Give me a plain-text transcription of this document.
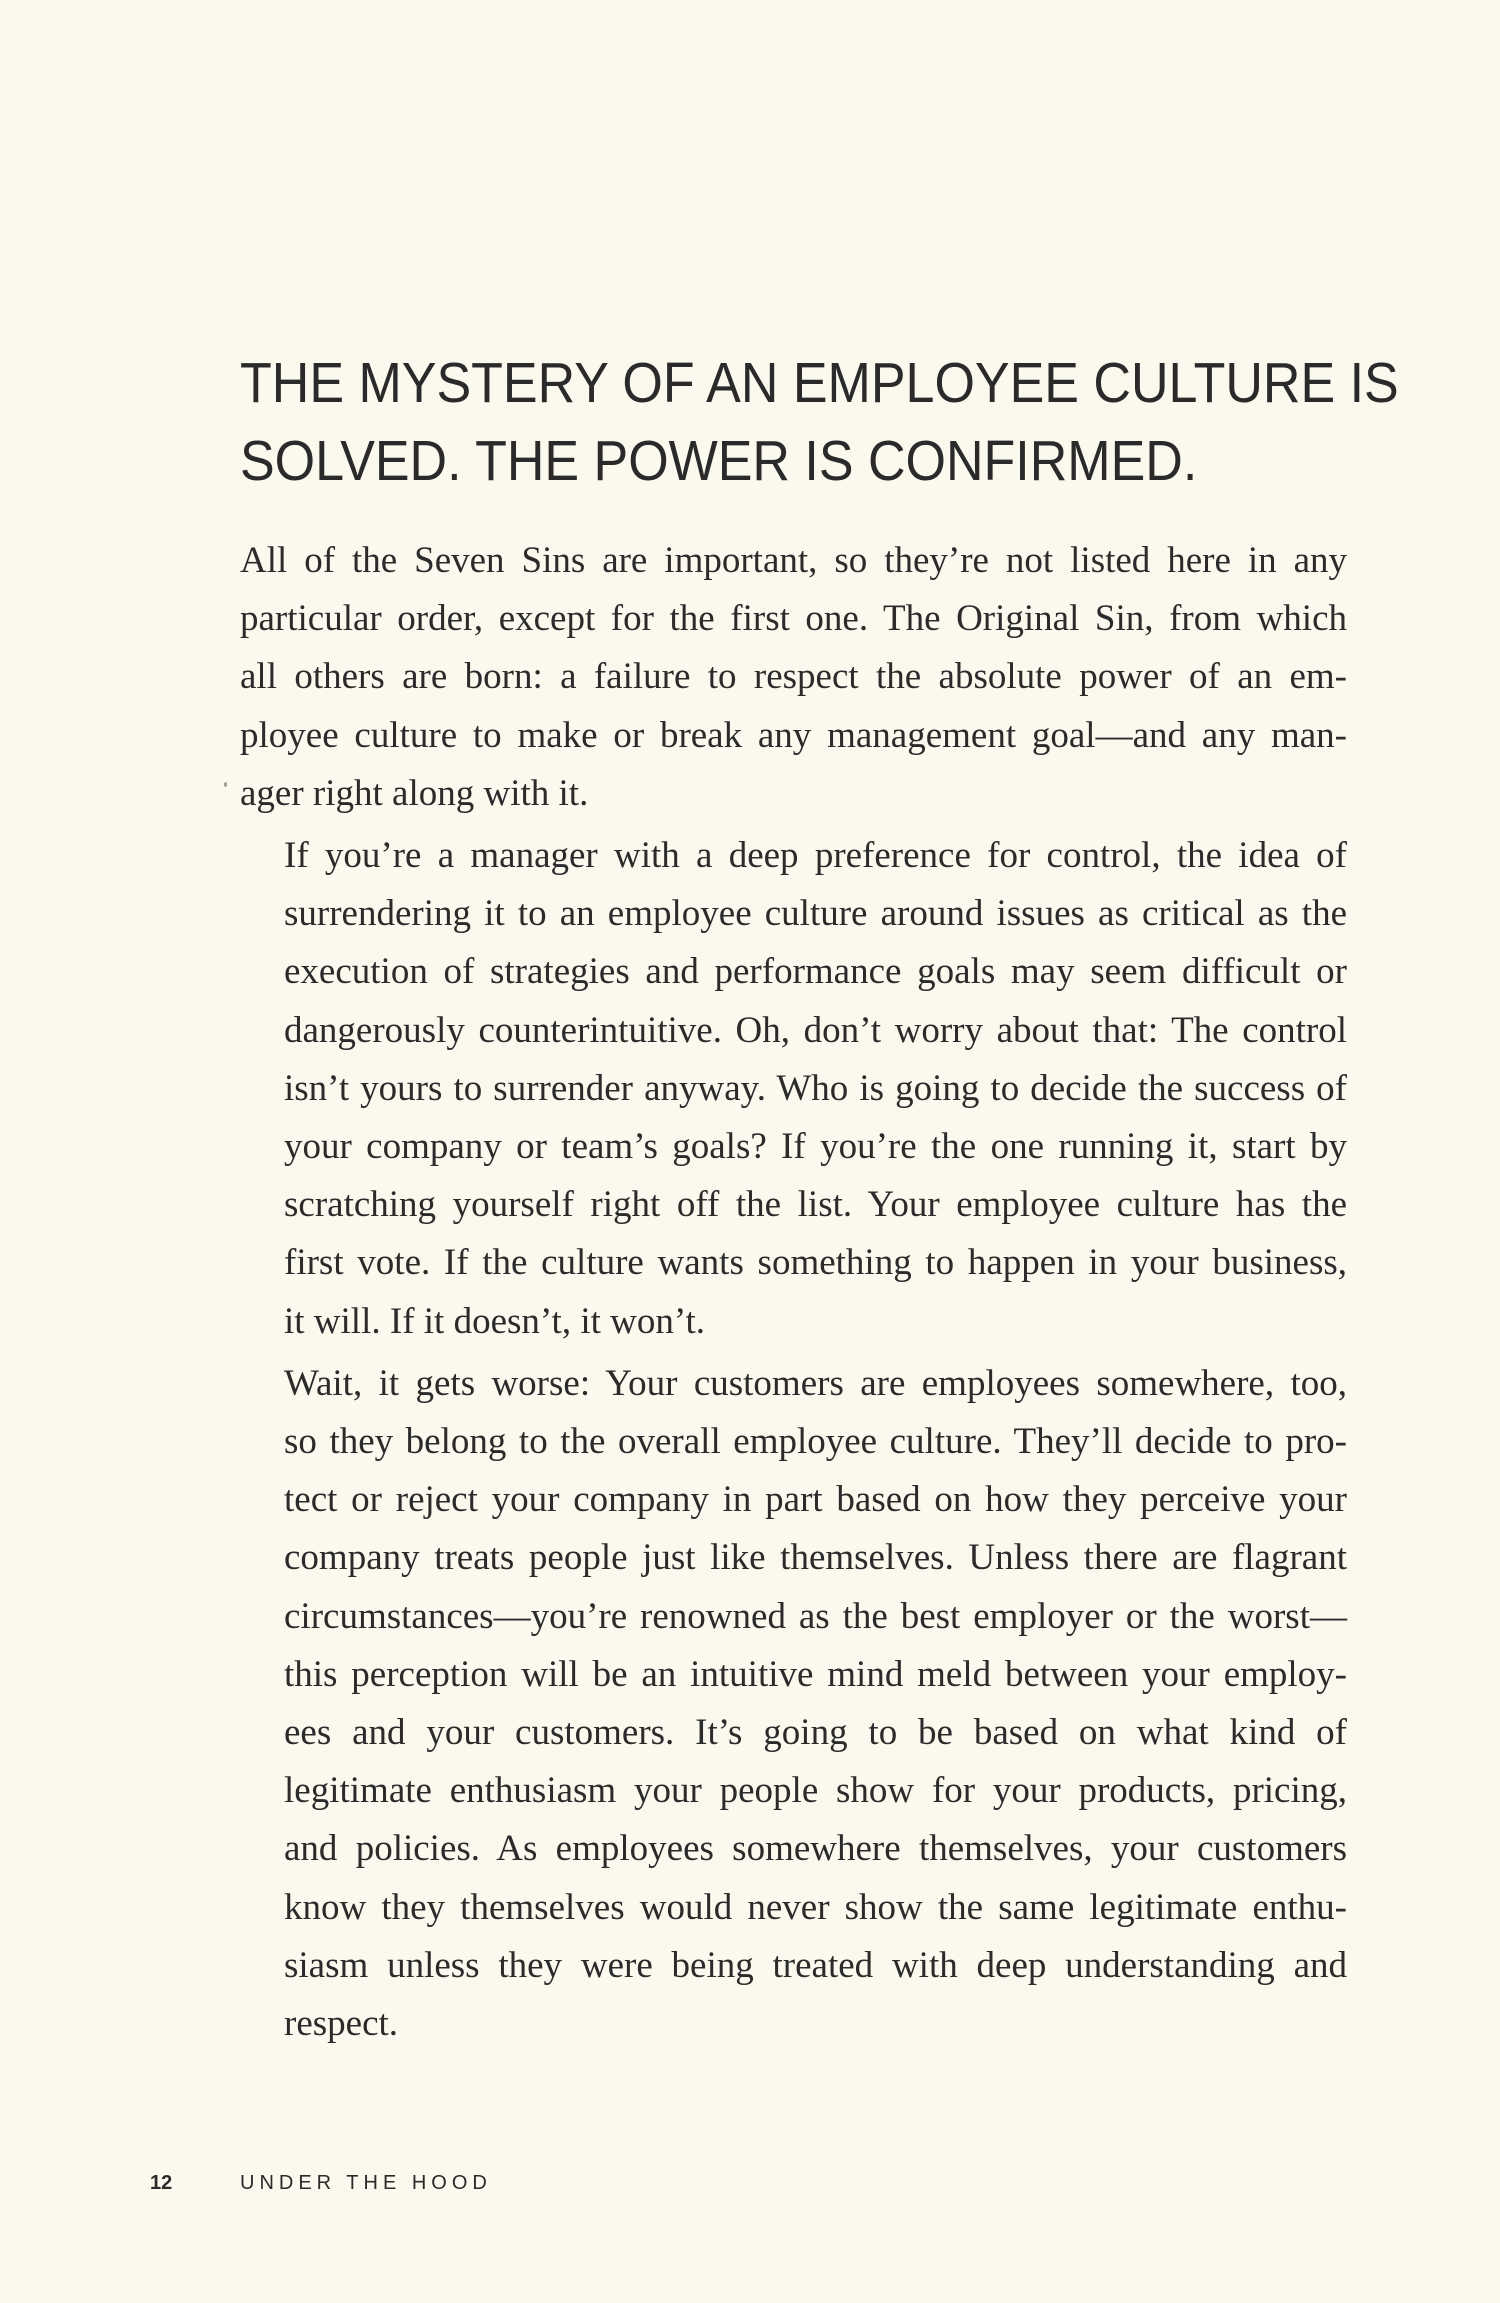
THE MYSTERY OF AN EMPLOYEE CULTURE IS
SOLVED. THE POWER IS CONFIRMED.

All of the Seven Sins are important, so they’re not listed here in any
particular order, except for the first one. The Original Sin, from which
all others are born: a failure to respect the absolute power of an em-
ployee culture to make or break any management goal—and any man-
ager right along with it.

If you’re a manager with a deep preference for control, the idea of
surrendering it to an employee culture around issues as critical as the
execution of strategies and performance goals may seem difficult or
dangerously counterintuitive. Oh, don’t worry about that: The control
isn’t yours to surrender anyway. Who is going to decide the success of
your company or team’s goals? If you’re the one running it, start by
scratching yourself right off the list. Your employee culture has the
first vote. If the culture wants something to happen in your business,
it will. If it doesn’t, it won’t.

Wait, it gets worse: Your customers are employees somewhere, too,
so they belong to the overall employee culture. They’ll decide to pro-
tect or reject your company in part based on how they perceive your
company treats people just like themselves. Unless there are flagrant
circumstances—you’re renowned as the best employer or the worst—
this perception will be an intuitive mind meld between your employ-
ees and your customers. It’s going to be based on what kind of
legitimate enthusiasm your people show for your products, pricing,
and policies. As employees somewhere themselves, your customers
know they themselves would never show the same legitimate enthu-
siasm unless they were being treated with deep understanding and
respect.

12	UNDER THE HOOD
